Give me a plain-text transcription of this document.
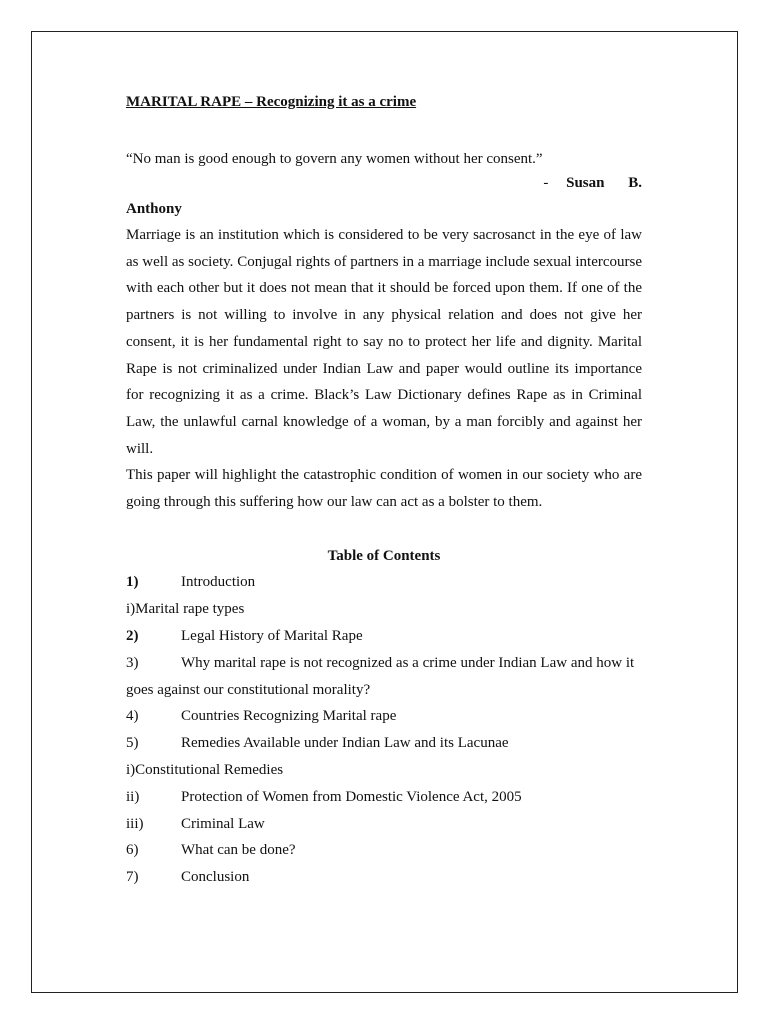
MARITAL RAPE – Recognizing it as a crime

“No man is good enough to govern any women without her consent.”

- Susan B.

Anthony

Marriage is an institution which is considered to be very sacrosanct in the eye of law as well as society. Conjugal rights of partners in a marriage include sexual intercourse with each other but it does not mean that it should be forced upon them. If one of the partners is not willing to involve in any physical relation and does not give her consent, it is her fundamental right to say no to protect her life and dignity. Marital Rape is not criminalized under Indian Law and paper would outline its importance for recognizing it as a crime. Black’s Law Dictionary defines Rape as in Criminal Law, the unlawful carnal knowledge of a woman, by a man forcibly and against her will.

This paper will highlight the catastrophic condition of women in our society who are going through this suffering how our law can act as a bolster to them.

Table of Contents

1)	Introduction
i)Marital rape types
2)	Legal History of Marital Rape

3)	Why marital rape is not recognized as a crime under Indian Law and how it goes against our constitutional morality?

4)	Countries Recognizing Marital rape
5)	Remedies Available under Indian Law and its Lacunae
i)Constitutional Remedies
ii)	Protection of Women from Domestic Violence Act, 2005
iii)	Criminal Law
6)	What can be done?
7)	Conclusion
